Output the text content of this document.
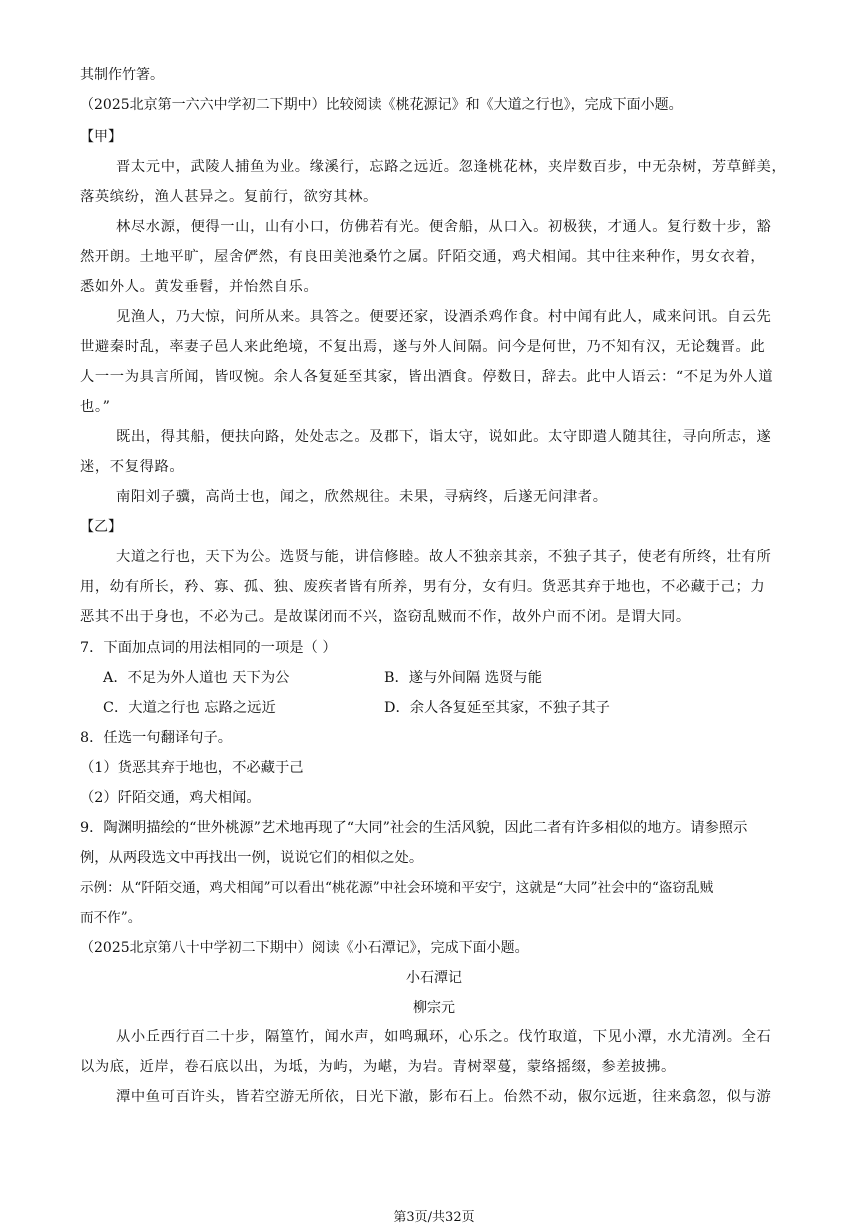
其制作竹箸。
（2025北京第一六六中学初二下期中）比较阅读《桃花源记》和《大道之行也》，完成下面小题。
【甲】
晋太元中，武陵人捕鱼为业。缘溪行，忘路之远近。忽逢桃花林，夹岸数百步，中无杂树，芳草鲜美，
落英缤纷，渔人甚异之。复前行，欲穷其林。
林尽水源，便得一山，山有小口，仿佛若有光。便舍船，从口入。初极狭，才通人。复行数十步，豁
然开朗。土地平旷，屋舍俨然，有良田美池桑竹之属。阡陌交通，鸡犬相闻。其中往来种作，男女衣着，
悉如外人。黄发垂髫，并怡然自乐。
见渔人，乃大惊，问所从来。具答之。便要还家，设酒杀鸡作食。村中闻有此人，咸来问讯。自云先
世避秦时乱，率妻子邑人来此绝境，不复出焉，遂与外人间隔。问今是何世，乃不知有汉，无论魏晋。此
人一一为具言所闻，皆叹惋。余人各复延至其家，皆出酒食。停数日，辞去。此中人语云：“不足为外人道
也。”
既出，得其船，便扶向路，处处志之。及郡下，诣太守，说如此。太守即遣人随其往，寻向所志，遂
迷，不复得路。
南阳刘子骥，高尚士也，闻之，欣然规往。未果，寻病终，后遂无问津者。
【乙】
大道之行也，天下为公。选贤与能，讲信修睦。故人不独亲其亲，不独子其子，使老有所终，壮有所
用，幼有所长，矜、寡、孤、独、废疾者皆有所养，男有分，女有归。货恶其弃于地也，不必藏于己；力
恶其不出于身也，不必为己。是故谋闭而不兴，盗窃乱贼而不作，故外户而不闭。是谓大同。
7．下面加点词的用法相同的一项是（ ）
A．不足为外人道也 天下为公	B．遂与外间隔 选贤与能
C．大道之行也 忘路之远近	D．余人各复延至其家，不独子其子
8．任选一句翻译句子。
（1）货恶其弃于地也，不必藏于己
（2）阡陌交通，鸡犬相闻。
9．陶渊明描绘的“世外桃源”艺术地再现了“大同”社会的生活风貌，因此二者有许多相似的地方。请参照示
例，从两段选文中再找出一例，说说它们的相似之处。
示例：从“阡陌交通，鸡犬相闻”可以看出“桃花源”中社会环境和平安宁，这就是“大同”社会中的“盗窃乱贼
而不作”。
（2025北京第八十中学初二下期中）阅读《小石潭记》，完成下面小题。
小石潭记
柳宗元
从小丘西行百二十步，隔篁竹，闻水声，如鸣珮环，心乐之。伐竹取道，下见小潭，水尤清冽。全石
以为底，近岸，卷石底以出，为坻，为屿，为嵁，为岩。青树翠蔓，蒙络摇缀，参差披拂。
潭中鱼可百许头，皆若空游无所依，日光下澈，影布石上。佁然不动，俶尔远逝，往来翕忽，似与游
第3页/共32页
